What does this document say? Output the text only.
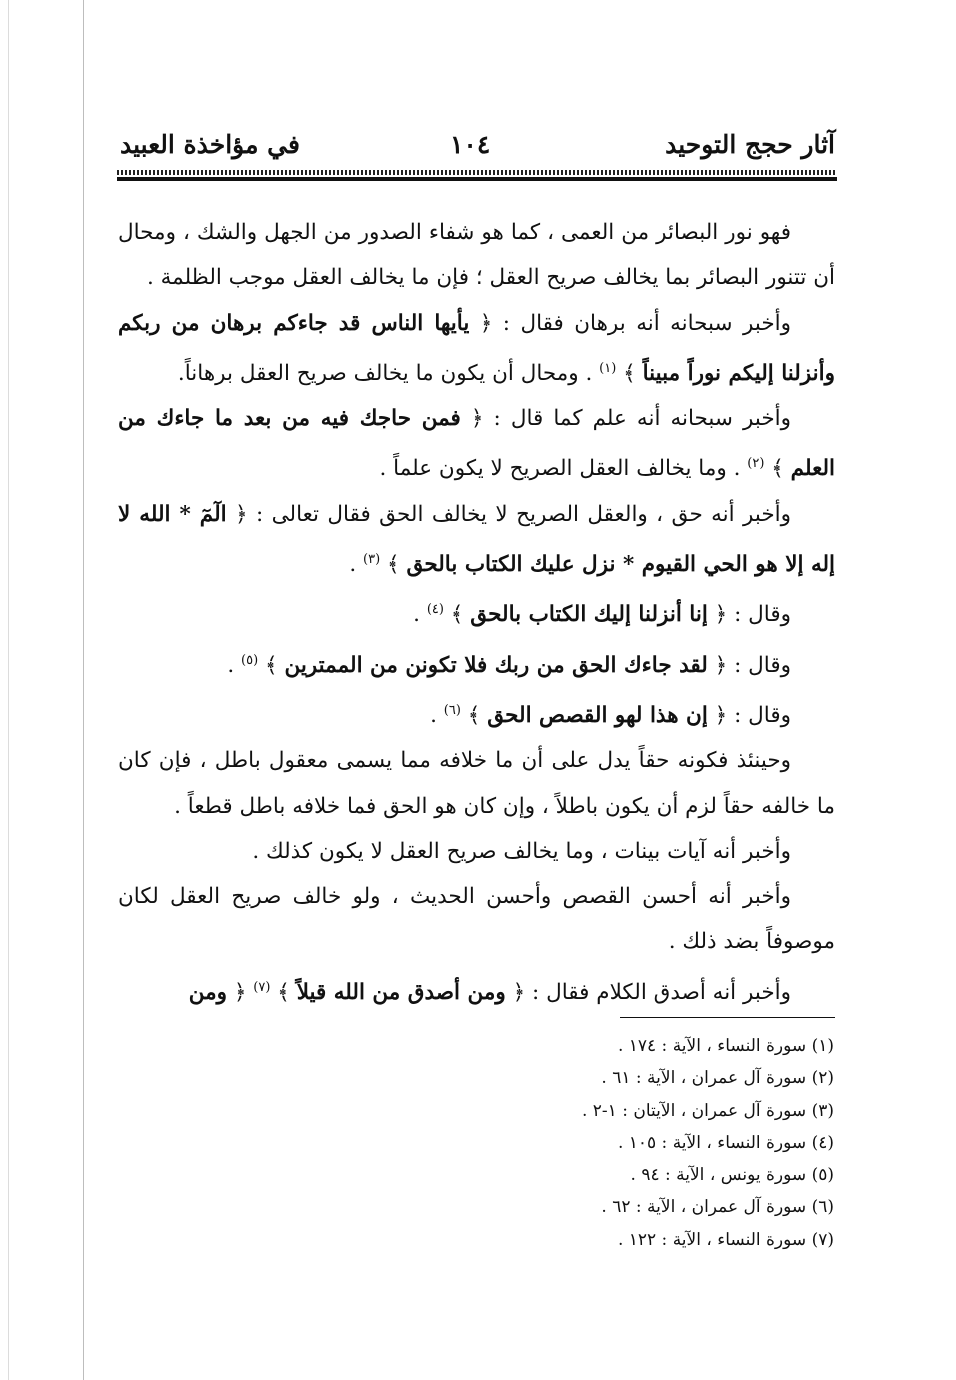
آثار حجج التوحيد
١٠٤
في مؤاخذة العبيد

فهو نور البصائر من العمى ، كما هو شفاء الصدور من الجهل والشك ، ومحال أن تتنور البصائر بما يخالف صريح العقل ؛ فإن ما يخالف العقل موجب الظلمة .

وأخبر سبحانه أنه برهان فقال : ﴿ يأيها الناس قد جاءكم برهان من ربكم وأنزلنا إليكم نوراً مبيناً ﴾ $^{(١)}$ . ومحال أن يكون ما يخالف صريح العقل برهاناً.

وأخبر سبحانه أنه علم كما قال : ﴿ فمن حاجك فيه من بعد ما جاءك من العلم ﴾ $^{(٢)}$ . وما يخالف العقل الصريح لا يكون علماً .

وأخبر أنه حق ، والعقل الصريح لا يخالف الحق فقال تعالى : ﴿ الٓمٓ * الله لا إله إلا هو الحي القيوم * نزل عليك الكتاب بالحق ﴾ $^{(٣)}$ .

وقال : ﴿ إنا أنزلنا إليك الكتاب بالحق ﴾ $^{(٤)}$ .

وقال : ﴿ لقد جاءك الحق من ربك فلا تكونن من الممترين ﴾ $^{(٥)}$ .

وقال : ﴿ إن هذا لهو القصص الحق ﴾ $^{(٦)}$ .

وحينئذ فكونه حقاً يدل على أن ما خلافه مما يسمى معقول باطل ، فإن كان ما خالفه حقاً لزم أن يكون باطلاً ، وإن كان هو الحق فما خلافه باطل قطعاً .

وأخبر أنه آيات بينات ، وما يخالف صريح العقل لا يكون كذلك .

وأخبر أنه أحسن القصص وأحسن الحديث ، ولو خالف صريح العقل لكان موصوفاً بضد ذلك .

وأخبر أنه أصدق الكلام فقال : ﴿ ومن أصدق من الله قيلاً ﴾ $^{(٧)}$ ﴿ ومن

(١) سورة النساء ، الآية : ١٧٤ .
(٢) سورة آل عمران ، الآية : ٦١ .
(٣) سورة آل عمران ، الآيتان : ١-٢ .
(٤) سورة النساء ، الآية : ١٠٥ .
(٥) سورة يونس ، الآية : ٩٤ .
(٦) سورة آل عمران ، الآية : ٦٢ .
(٧) سورة النساء ، الآية : ١٢٢ .
